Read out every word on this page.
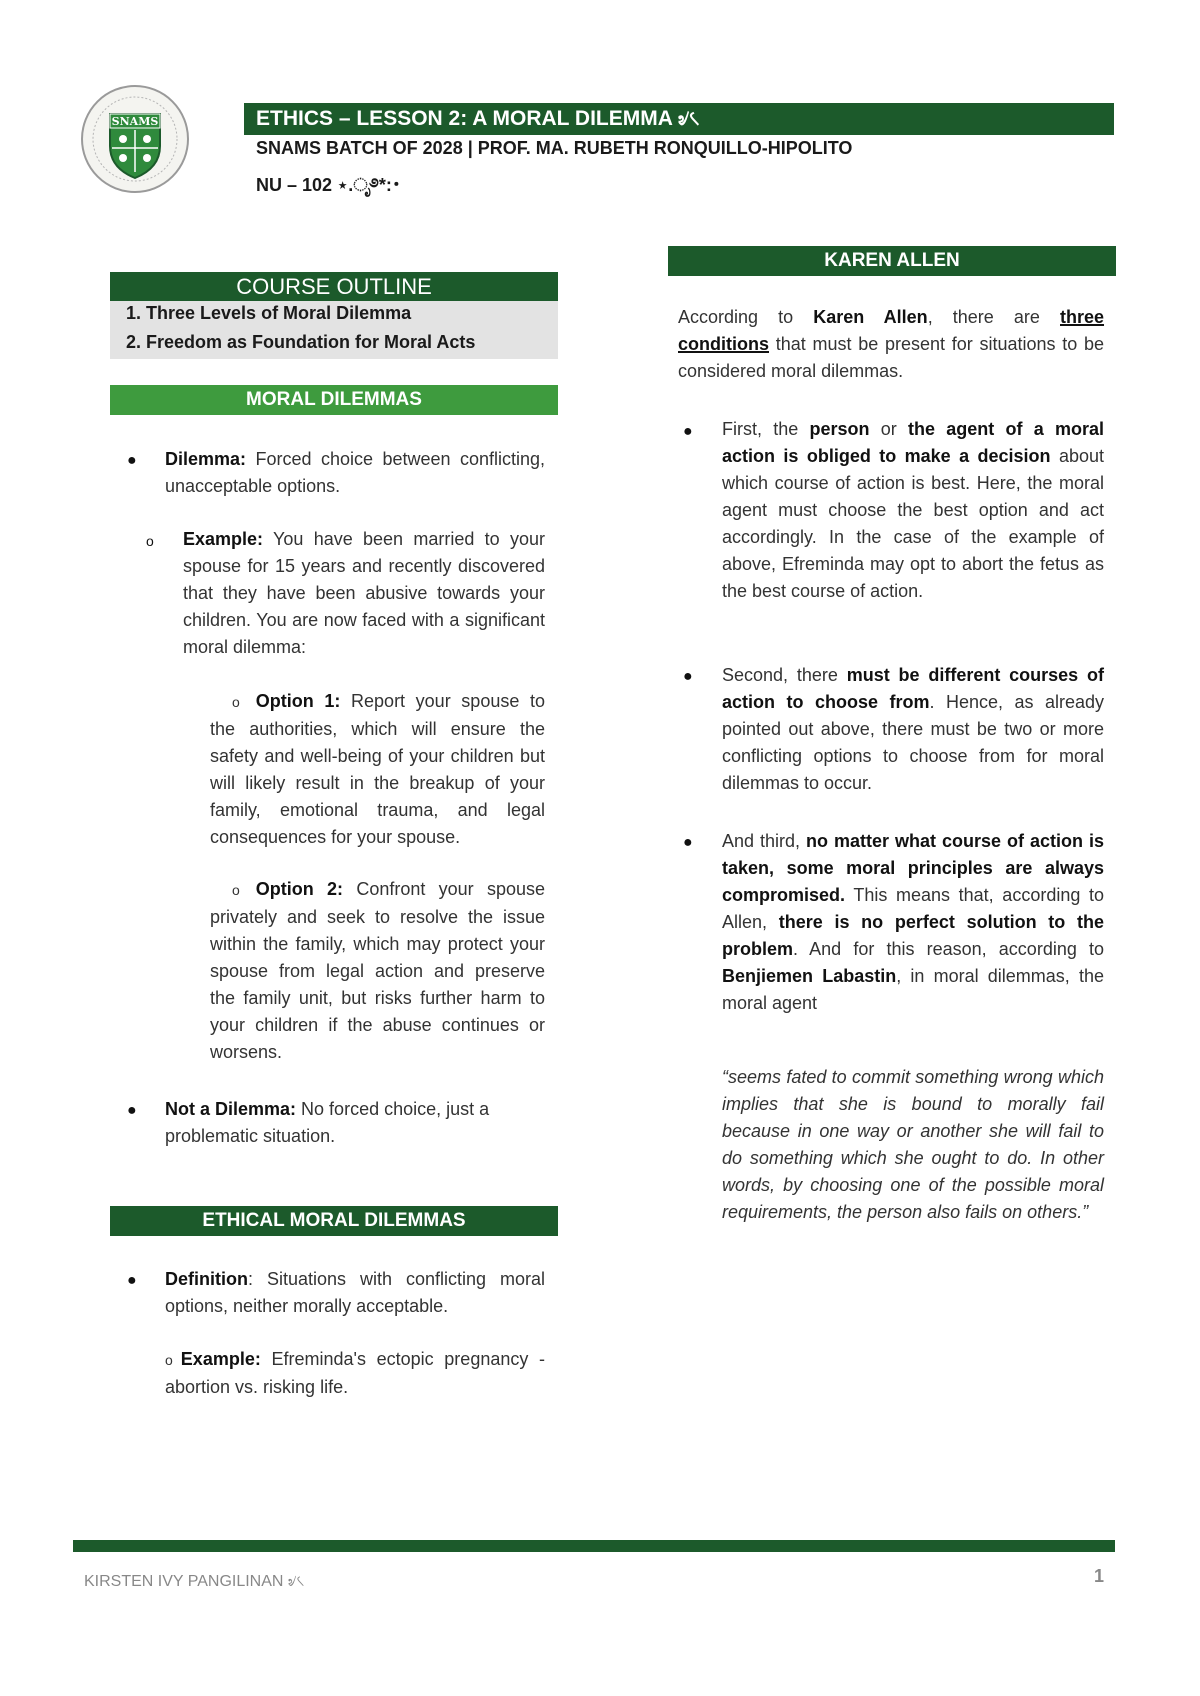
SNAMS	ETHICS – LESSON 2: A MORAL DILEMMA ৶৻
SNAMS BATCH OF 2028 | PROF. MA. RUBETH RONQUILLO-HIPOLITO
NU – 102 ⋆.ೃ࿔*:･
COURSE OUTLINE
1. Three Levels of Moral Dilemma
2. Freedom as Foundation for Moral Acts
MORAL DILEMMAS
● Dilemma: Forced choice between conflicting, unacceptable options.
o Example: You have been married to your spouse for 15 years and recently discovered that they have been abusive towards your children. You are now faced with a significant moral dilemma:
o Option 1: Report your spouse to the authorities, which will ensure the safety and well-being of your children but will likely result in the breakup of your family, emotional trauma, and legal consequences for your spouse.
o Option 2: Confront your spouse privately and seek to resolve the issue within the family, which may protect your spouse from legal action and preserve the family unit, but risks further harm to your children if the abuse continues or worsens.
● Not a Dilemma: No forced choice, just a problematic situation.
ETHICAL MORAL DILEMMAS
● Definition: Situations with conflicting moral options, neither morally acceptable.
o Example: Efreminda's ectopic pregnancy - abortion vs. risking life.
KAREN ALLEN
According to Karen Allen, there are three conditions that must be present for situations to be considered moral dilemmas.
● First, the person or the agent of a moral action is obliged to make a decision about which course of action is best. Here, the moral agent must choose the best option and act accordingly. In the case of the example of above, Efreminda may opt to abort the fetus as the best course of action.
● Second, there must be different courses of action to choose from. Hence, as already pointed out above, there must be two or more conflicting options to choose from for moral dilemmas to occur.
● And third, no matter what course of action is taken, some moral principles are always compromised. This means that, according to Allen, there is no perfect solution to the problem. And for this reason, according to Benjiemen Labastin, in moral dilemmas, the moral agent
“seems fated to commit something wrong which implies that she is bound to morally fail because in one way or another she will fail to do something which she ought to do. In other words, by choosing one of the possible moral requirements, the person also fails on others.”
KIRSTEN IVY PANGILINAN ৶৻	1
